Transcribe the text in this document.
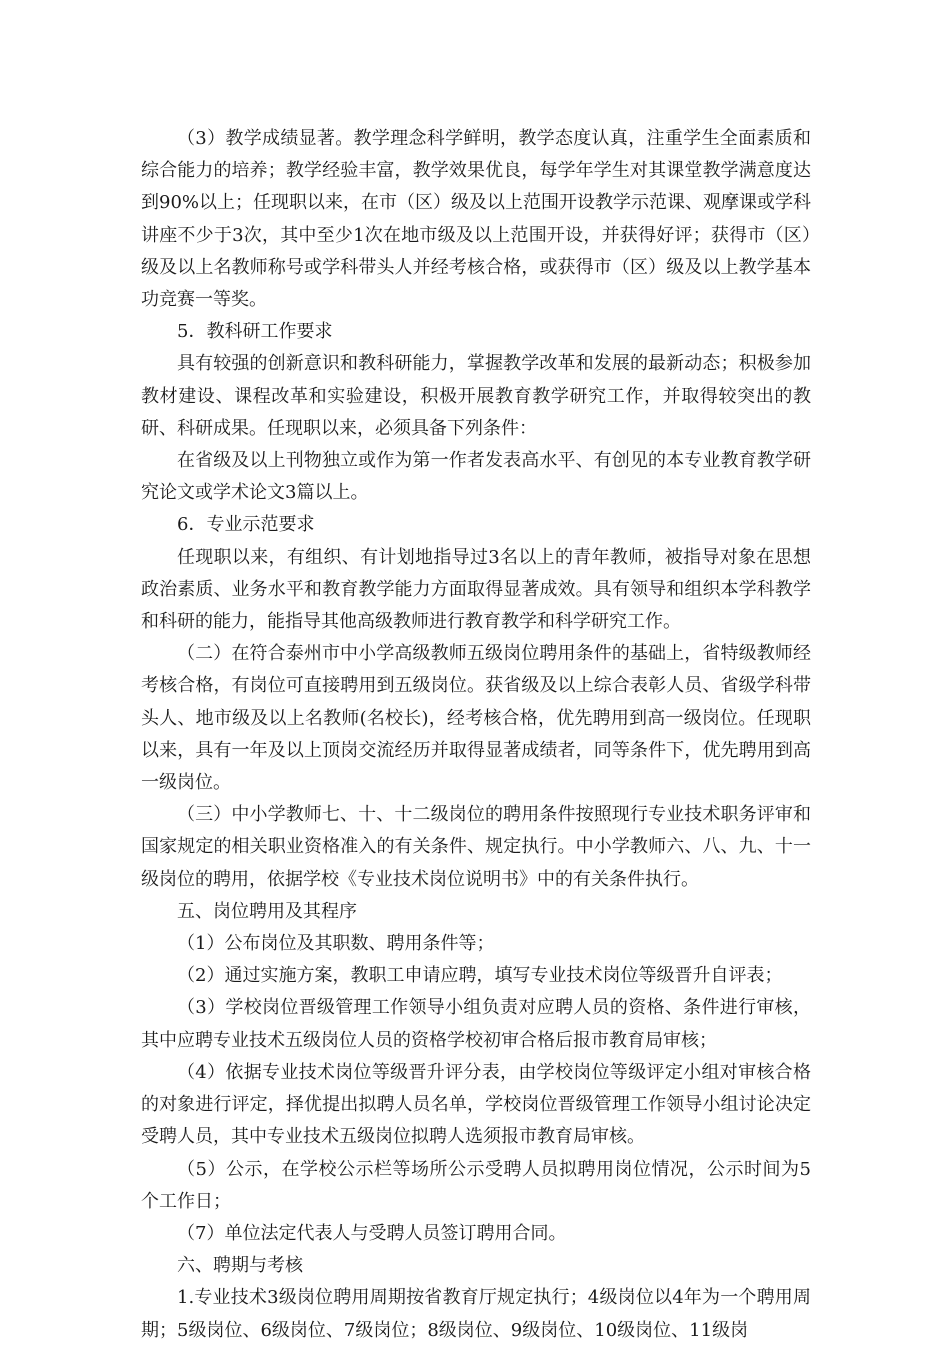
（3）教学成绩显著。教学理念科学鲜明，教学态度认真，注重学生全面素质和综合能力的培养；教学经验丰富，教学效果优良，每学年学生对其课堂教学满意度达到90%以上；任现职以来，在市（区）级及以上范围开设教学示范课、观摩课或学科讲座不少于3次，其中至少1次在地市级及以上范围开设，并获得好评；获得市（区）级及以上名教师称号或学科带头人并经考核合格，或获得市（区）级及以上教学基本功竞赛一等奖。

5．教科研工作要求

具有较强的创新意识和教科研能力，掌握教学改革和发展的最新动态；积极参加教材建设、课程改革和实验建设，积极开展教育教学研究工作，并取得较突出的教研、科研成果。任现职以来，必须具备下列条件：

在省级及以上刊物独立或作为第一作者发表高水平、有创见的本专业教育教学研究论文或学术论文3篇以上。

6．专业示范要求

任现职以来，有组织、有计划地指导过3名以上的青年教师，被指导对象在思想政治素质、业务水平和教育教学能力方面取得显著成效。具有领导和组织本学科教学和科研的能力，能指导其他高级教师进行教育教学和科学研究工作。

（二）在符合泰州市中小学高级教师五级岗位聘用条件的基础上，省特级教师经考核合格，有岗位可直接聘用到五级岗位。获省级及以上综合表彰人员、省级学科带头人、地市级及以上名教师(名校长)，经考核合格，优先聘用到高一级岗位。任现职以来，具有一年及以上顶岗交流经历并取得显著成绩者，同等条件下，优先聘用到高一级岗位。

（三）中小学教师七、十、十二级岗位的聘用条件按照现行专业技术职务评审和国家规定的相关职业资格准入的有关条件、规定执行。中小学教师六、八、九、十一级岗位的聘用，依据学校《专业技术岗位说明书》中的有关条件执行。

五、岗位聘用及其程序

（1）公布岗位及其职数、聘用条件等；

（2）通过实施方案，教职工申请应聘，填写专业技术岗位等级晋升自评表；

（3）学校岗位晋级管理工作领导小组负责对应聘人员的资格、条件进行审核，其中应聘专业技术五级岗位人员的资格学校初审合格后报市教育局审核；

（4）依据专业技术岗位等级晋升评分表，由学校岗位等级评定小组对审核合格的对象进行评定，择优提出拟聘人员名单，学校岗位晋级管理工作领导小组讨论决定受聘人员，其中专业技术五级岗位拟聘人选须报市教育局审核。

（5）公示，在学校公示栏等场所公示受聘人员拟聘用岗位情况，公示时间为5个工作日；

（7）单位法定代表人与受聘人员签订聘用合同。

六、聘期与考核

1.专业技术3级岗位聘用周期按省教育厅规定执行；4级岗位以4年为一个聘用周期；5级岗位、6级岗位、7级岗位；8级岗位、9级岗位、10级岗位、11级岗
